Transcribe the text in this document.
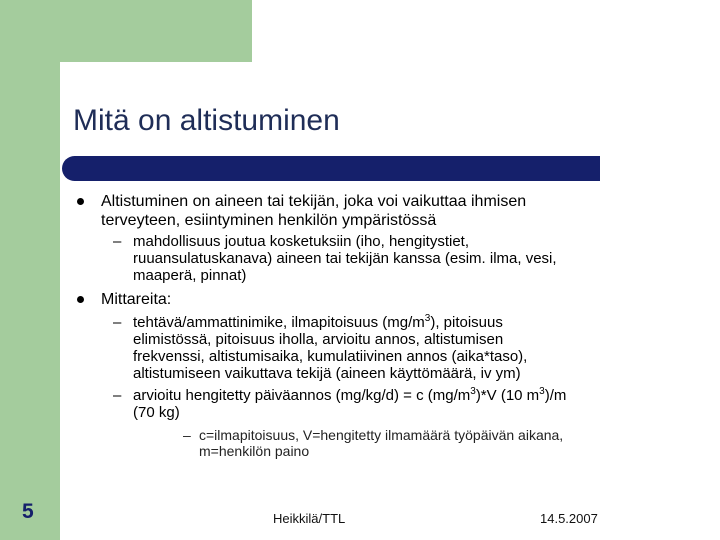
Mitä on altistuminen
Altistuminen on aineen tai tekijän, joka voi vaikuttaa ihmisen
terveyteen, esiintyminen henkilön ympäristössä
– mahdollisuus joutua kosketuksiin (iho, hengitystiet,
ruuansulatuskanava) aineen tai tekijän kanssa (esim. ilma, vesi,
maaperä, pinnat)
Mittareita:
– tehtävä/ammattinimike, ilmapitoisuus $(mg/m^3)$, pitoisuus
elimistössä, pitoisuus iholla, arvioitu annos, altistumisen
frekvenssi, altistumisaika, kumulatiivinen annos (aika*taso),
altistumiseen vaikuttava tekijä (aineen käyttömäärä, iv ym)
– arvioitu hengitetty päiväannos (mg/kg/d) = c $(mg/m^3)*V$ (10 $m^3)/m$
(70 kg)
– c=ilmapitoisuus, V=hengitetty ilmamäärä työpäivän aikana,
m=henkilön paino
5	Heikkilä/TTL	14.5.2007
